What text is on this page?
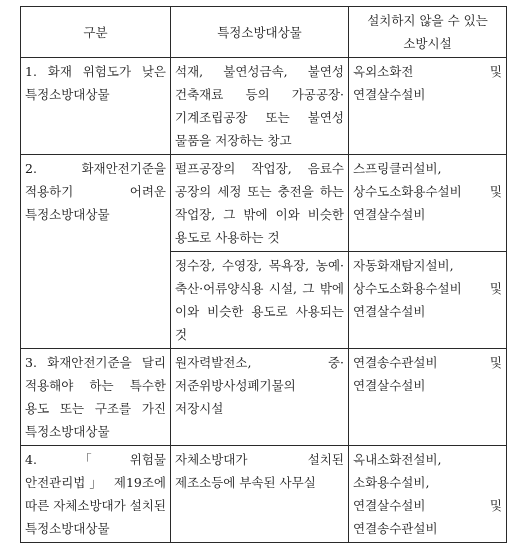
구분	특정소방대상물	설치하지 않을 수 있는 소방시설
1. 화재 위험도가 낮은 특정소방대상물	석재, 불연성금속, 불연성 건축재료 등의 가공공장·기계조립공장 또는 불연성 물품을 저장하는 창고	옥외소화전 및 연결살수설비
2. 화재안전기준을 적용하기 어려운 특정소방대상물	펄프공장의 작업장, 음료수 공장의 세정 또는 충전을 하는 작업장, 그 밖에 이와 비슷한 용도로 사용하는 것	스프링클러설비, 상수도소화용수설비 및 연결살수설비
	정수장, 수영장, 목욕장, 농예·축산·어류양식용 시설, 그 밖에 이와 비슷한 용도로 사용되는 것	자동화재탐지설비, 상수도소화용수설비 및 연결살수설비
3. 화재안전기준을 달리 적용해야 하는 특수한 용도 또는 구조를 가진 특정소방대상물	원자력발전소, 중·저준위방사성폐기물의 저장시설	연결송수관설비 및 연결살수설비
4. 「위험물 안전관리법」 제19조에 따른 자체소방대가 설치된 특정소방대상물	자체소방대가 설치된 제조소등에 부속된 사무실	옥내소화전설비, 소화용수설비, 연결살수설비 및 연결송수관설비
